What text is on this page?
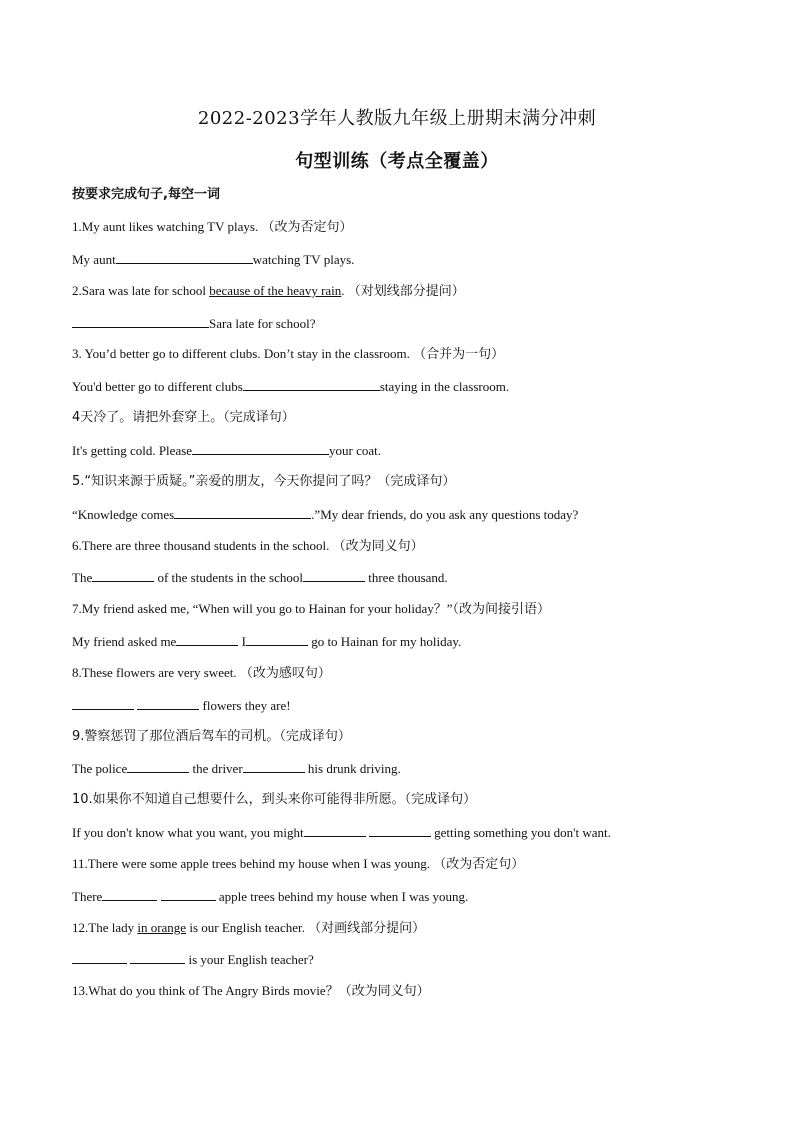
2022-2023学年人教版九年级上册期末满分冲刺
句型训练（考点全覆盖）
按要求完成句子,每空一词
1.My aunt likes watching TV plays. （改为否定句）
My aunt	watching TV plays.
2.Sara was late for school because of the heavy rain. （对划线部分提问）
Sara late for school?
3. You’d better go to different clubs. Don’t stay in the classroom. （合并为一句）
You'd better go to different clubs	staying in the classroom.
4天冷了。请把外套穿上。（完成译句）
It's getting cold. Please	your coat.
5.“知识来源于质疑。”亲爱的朋友，今天你提问了吗？（完成译句）
“Knowledge comes	.”My dear friends, do you ask any questions today?
6.There are three thousand students in the school. （改为同义句）
The	of the students in the school	three thousand.
7.My friend asked me, “When will you go to Hainan for your holiday？”（改为间接引语）
My friend asked me	I	go to Hainan for my holiday.
8.These flowers are very sweet. （改为感叹句）
flowers they are!
9.警察惩罚了那位酒后驾车的司机。（完成译句）
The police	the driver	his drunk driving.
10.如果你不知道自己想要什么，到头来你可能得非所愿。（完成译句）
If you don't know what you want, you might	getting something you don't want.
11.There were some apple trees behind my house when I was young. （改为否定句）
There	apple trees behind my house when I was young.
12.The lady in orange is our English teacher. （对画线部分提问）
is your English teacher?
13.What do you think of The Angry Birds movie？（改为同义句）
